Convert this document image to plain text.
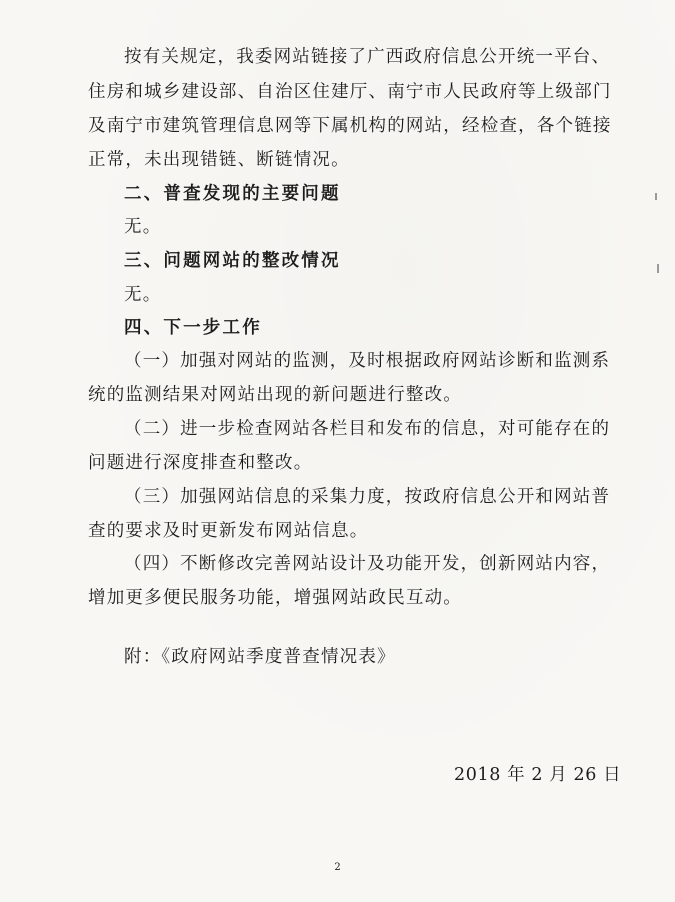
按有关规定，我委网站链接了广西政府信息公开统一平台、
住房和城乡建设部、自治区住建厅、南宁市人民政府等上级部门
及南宁市建筑管理信息网等下属机构的网站，经检查，各个链接
正常，未出现错链、断链情况。
二、普查发现的主要问题
无。
三、问题网站的整改情况
无。
四、下一步工作
（一）加强对网站的监测，及时根据政府网站诊断和监测系
统的监测结果对网站出现的新问题进行整改。
（二）进一步检查网站各栏目和发布的信息，对可能存在的
问题进行深度排查和整改。
（三）加强网站信息的采集力度，按政府信息公开和网站普
查的要求及时更新发布网站信息。
（四）不断修改完善网站设计及功能开发，创新网站内容，
增加更多便民服务功能，增强网站政民互动。
附：《政府网站季度普查情况表》
2018 年 2 月 26 日
2
